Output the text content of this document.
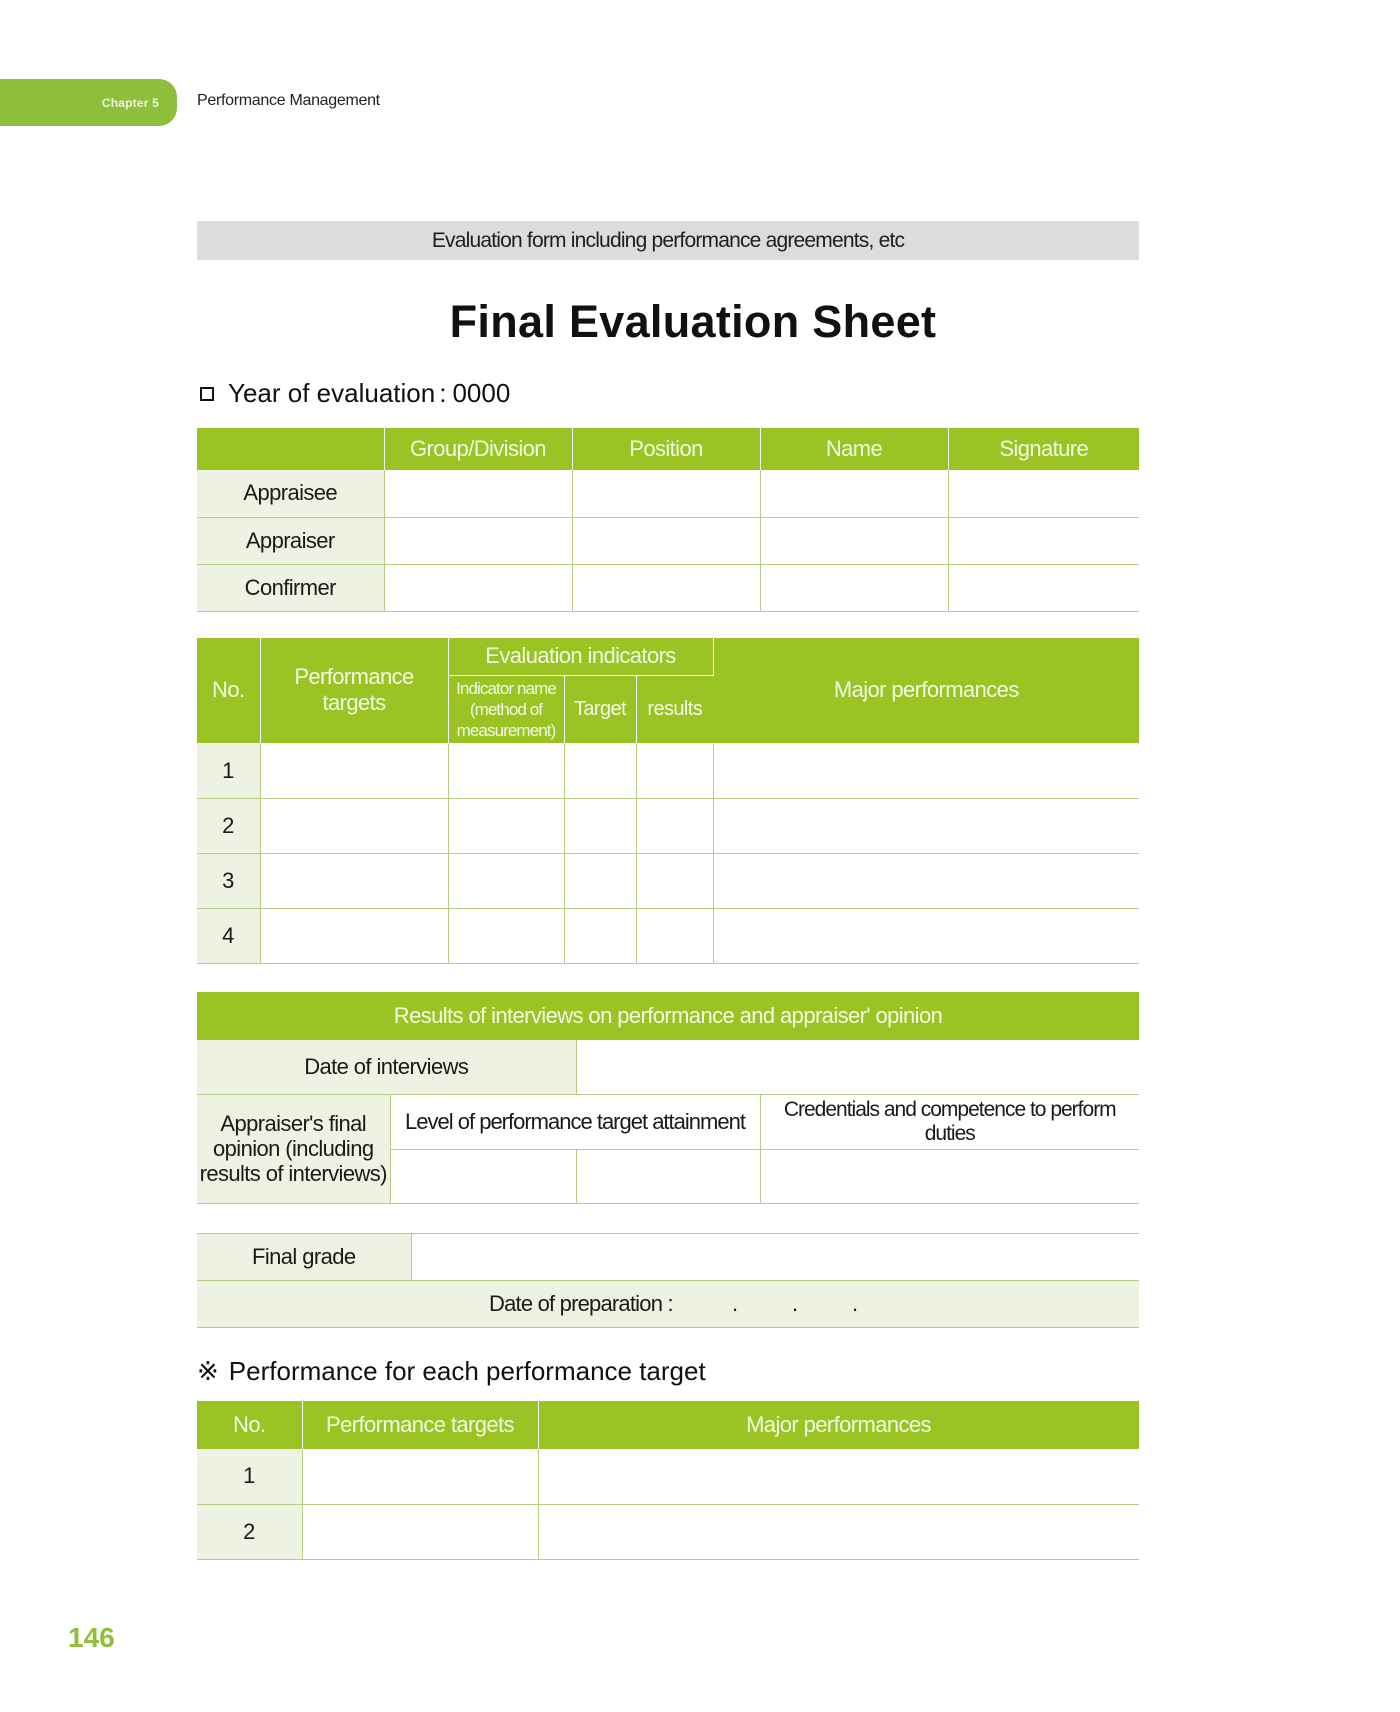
Chapter 5	Performance Management
Evaluation form including performance agreements, etc
Final Evaluation Sheet
Year of evaluation : 0000
	Group/Division	Position	Name	Signature
Appraisee				
Appraiser				
Confirmer				
No.	Performance targets	Evaluation indicators			Major performances
		Indicator name (method of measurement)	Target	results	
1					
2					
3					
4					
Results of interviews on performance and appraiser' opinion			
Date of interviews			
Appraiser's final opinion (including results of interviews)	Level of performance target attainment		Credentials and competence to perform duties

Final grade	
Date of preparation :	. . .
※ Performance for each performance target
No.	Performance targets	Major performances
1		
2		
146
